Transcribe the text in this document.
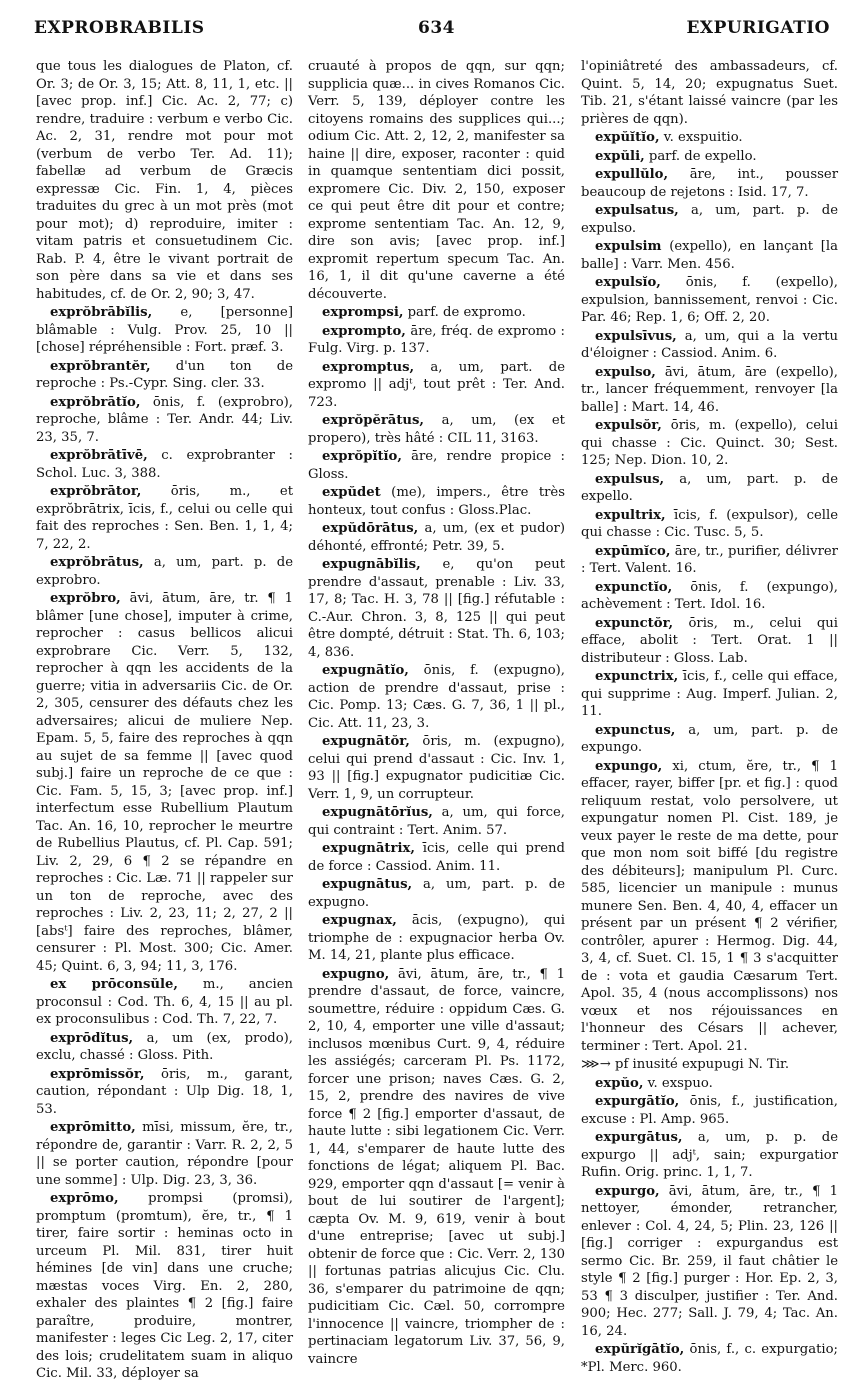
EXPROBRABILIS	634	EXPURIGATIO
que tous les dialogues de Platon, cf. Or. 3; de Or. 3, 15; Att. 8, 11, 1, etc. || [avec prop. inf.] Cic. Ac. 2, 77; c) rendre, traduire : verbum e verbo Cic. Ac. 2, 31, rendre mot pour mot (verbum de verbo Ter. Ad. 11); fabellæ ad verbum de Græcis expressæ Cic. Fin. 1, 4, pièces traduites du grec à un mot près (mot pour mot); d) reproduire, imiter : vitam patris et consuetudinem Cic. Rab. P. 4, être le vivant portrait de son père dans sa vie et dans ses habitudes, cf. de Or. 2, 90; 3, 47.
exprŏbrābĭlis, e, [personne] blâmable : Vulg. Prov. 25, 10 || [chose] répréhensible : Fort. præf. 3.
exprŏbrantĕr, d'un ton de reproche : Ps.-Cypr. Sing. cler. 33.
exprŏbrātĭo, ōnis, f. (exprobro), reproche, blâme : Ter. Andr. 44; Liv. 23, 35, 7.
exprŏbrātīvē, c. exprobranter : Schol. Luc. 3, 388.
exprŏbrātor, ōris, m., et exprŏbrātrix, īcis, f., celui ou celle qui fait des reproches : Sen. Ben. 1, 1, 4; 7, 22, 2.
exprŏbrātus, a, um, part. p. de exprobro.
exprŏbro, āvi, ātum, āre, tr. ¶ 1 blâmer [une chose], imputer à crime, reprocher : casus bellicos alicui exprobrare Cic. Verr. 5, 132, reprocher à qqn les accidents de la guerre; vitia in adversariis Cic. de Or. 2, 305, censurer des défauts chez les adversaires; alicui de muliere Nep. Epam. 5, 5, faire des reproches à qqn au sujet de sa femme || [avec quod subj.] faire un reproche de ce que : Cic. Fam. 5, 15, 3; [avec prop. inf.] interfectum esse Rubellium Plautum Tac. An. 16, 10, reprocher le meurtre de Rubellius Plautus, cf. Pl. Cap. 591; Liv. 2, 29, 6 ¶ 2 se répandre en reproches : Cic. Læ. 71 || rappeler sur un ton de reproche, avec des reproches : Liv. 2, 23, 11; 2, 27, 2 || [absᵗ] faire des reproches, blâmer, censurer : Pl. Most. 300; Cic. Amer. 45; Quint. 6, 3, 94; 11, 3, 176.
ex prōconsŭle, m., ancien proconsul : Cod. Th. 6, 4, 15 || au pl. ex proconsulibus : Cod. Th. 7, 22, 7.
exprōdĭtus, a, um (ex, prodo), exclu, chassé : Gloss. Pith.
exprōmissŏr, ōris, m., garant, caution, répondant : Ulp Dig. 18, 1, 53.
exprōmitto, mīsi, missum, ĕre, tr., répondre de, garantir : Varr. R. 2, 2, 5 || se porter caution, répondre [pour une somme] : Ulp. Dig. 23, 3, 36.
exprōmo, prompsi (promsi), promptum (promtum), ĕre, tr., ¶ 1 tirer, faire sortir : heminas octo in urceum Pl. Mil. 831, tirer huit hémines [de vin] dans une cruche; mæstas voces Virg. En. 2, 280, exhaler des plaintes ¶ 2 [fig.] faire paraître, produire, montrer, manifester : leges Cic Leg. 2, 17, citer des lois; crudelitatem suam in aliquo Cic. Mil. 33, déployer sa
cruauté à propos de qqn, sur qqn; supplicia quæ... in cives Romanos Cic. Verr. 5, 139, déployer contre les citoyens romains des supplices qui...; odium Cic. Att. 2, 12, 2, manifester sa haine || dire, exposer, raconter : quid in quamque sententiam dici possit, expromere Cic. Div. 2, 150, exposer ce qui peut être dit pour et contre; exprome sententiam Tac. An. 12, 9, dire son avis; [avec prop. inf.] expromit repertum specum Tac. An. 16, 1, il dit qu'une caverne a été découverte.
exprompsi, parf. de expromo.
exprompto, āre, fréq. de expromo : Fulg. Virg. p. 137.
expromptus, a, um, part. de expromo || adjᵗ, tout prêt : Ter. And. 723.
exprŏpĕrātus, a, um, (ex et propero), très hâté : CIL 11, 3163.
exprŏpĭtĭo, āre, rendre propice : Gloss.
expŭdet (me), impers., être très honteux, tout confus : Gloss.Plac.
expŭdōrātus, a, um, (ex et pudor) déhonté, effronté; Petr. 39, 5.
expugnābĭlis, e, qu'on peut prendre d'assaut, prenable : Liv. 33, 17, 8; Tac. H. 3, 78 || [fig.] réfutable : C.-Aur. Chron. 3, 8, 125 || qui peut être dompté, détruit : Stat. Th. 6, 103; 4, 836.
expugnātĭo, ōnis, f. (expugno), action de prendre d'assaut, prise : Cic. Pomp. 13; Cæs. G. 7, 36, 1 || pl., Cic. Att. 11, 23, 3.
expugnātŏr, ōris, m. (expugno), celui qui prend d'assaut : Cic. Inv. 1, 93 || [fig.] expugnator pudicitiæ Cic. Verr. 1, 9, un corrupteur.
expugnātōrĭus, a, um, qui force, qui contraint : Tert. Anim. 57.
expugnātrix, īcis, celle qui prend de force : Cassiod. Anim. 11.
expugnātus, a, um, part. p. de expugno.
expugnax, ācis, (expugno), qui triomphe de : expugnacior herba Ov. M. 14, 21, plante plus efficace.
expugno, āvi, ātum, āre, tr., ¶ 1 prendre d'assaut, de force, vaincre, soumettre, réduire : oppidum Cæs. G. 2, 10, 4, emporter une ville d'assaut; inclusos mœnibus Curt. 9, 4, réduire les assiégés; carceram Pl. Ps. 1172, forcer une prison; naves Cæs. G. 2, 15, 2, prendre des navires de vive force ¶ 2 [fig.] emporter d'assaut, de haute lutte : sibi legationem Cic. Verr. 1, 44, s'emparer de haute lutte des fonctions de légat; aliquem Pl. Bac. 929, emporter qqn d'assaut [= venir à bout de lui soutirer de l'argent]; cæpta Ov. M. 9, 619, venir à bout d'une entreprise; [avec ut subj.] obtenir de force que : Cic. Verr. 2, 130 || fortunas patrias alicujus Cic. Clu. 36, s'emparer du patrimoine de qqn; pudicitiam Cic. Cæl. 50, corrompre l'innocence || vaincre, triompher de : pertinaciam legatorum Liv. 37, 56, 9, vaincre
l'opiniâtreté des ambassadeurs, cf. Quint. 5, 14, 20; expugnatus Suet. Tib. 21, s'étant laissé vaincre (par les prières de qqn).
expŭĭtĭo, v. exspuitio.
expŭli, parf. de expello.
expullŭlo, āre, int., pousser beaucoup de rejetons : Isid. 17, 7.
expulsatus, a, um, part. p. de expulso.
expulsim (expello), en lançant [la balle] : Varr. Men. 456.
expulsĭo, ōnis, f. (expello), expulsion, bannissement, renvoi : Cic. Par. 46; Rep. 1, 6; Off. 2, 20.
expulsīvus, a, um, qui a la vertu d'éloigner : Cassiod. Anim. 6.
expulso, āvi, ātum, āre (expello), tr., lancer fréquemment, renvoyer [la balle] : Mart. 14, 46.
expulsŏr, ōris, m. (expello), celui qui chasse : Cic. Quinct. 30; Sest. 125; Nep. Dion. 10, 2.
expulsus, a, um, part. p. de expello.
expultrix, īcis, f. (expulsor), celle qui chasse : Cic. Tusc. 5, 5.
expūmĭco, āre, tr., purifier, délivrer : Tert. Valent. 16.
expunctĭo, ōnis, f. (expungo), achèvement : Tert. Idol. 16.
expunctŏr, ōris, m., celui qui efface, abolit : Tert. Orat. 1 || distributeur : Gloss. Lab.
expunctrix, īcis, f., celle qui efface, qui supprime : Aug. Imperf. Julian. 2, 11.
expunctus, a, um, part. p. de expungo.
expungo, xi, ctum, ĕre, tr., ¶ 1 effacer, rayer, biffer [pr. et fig.] : quod reliquum restat, volo persolvere, ut expungatur nomen Pl. Cist. 189, je veux payer le reste de ma dette, pour que mon nom soit biffé [du registre des débiteurs]; manipulum Pl. Curc. 585, licencier un manipule : munus munere Sen. Ben. 4, 40, 4, effacer un présent par un présent ¶ 2 vérifier, contrôler, apurer : Hermog. Dig. 44, 3, 4, cf. Suet. Cl. 15, 1 ¶ 3 s'acquitter de : vota et gaudia Cæsarum Tert. Apol. 35, 4 (nous accomplissons) nos vœux et nos réjouissances en l'honneur des Césars || achever, terminer : Tert. Apol. 21.
⋙→ pf inusité expupugi N. Tir.
expŭo, v. exspuo.
expurgātĭo, ōnis, f., justification, excuse : Pl. Amp. 965.
expurgātus, a, um, p. p. de expurgo || adjᵗ, sain; expurgatior Rufin. Orig. princ. 1, 1, 7.
expurgo, āvi, ātum, āre, tr., ¶ 1 nettoyer, émonder, retrancher, enlever : Col. 4, 24, 5; Plin. 23, 126 || [fig.] corriger : expurgandus est sermo Cic. Br. 259, il faut châtier le style ¶ 2 [fig.] purger : Hor. Ep. 2, 3, 53 ¶ 3 disculper, justifier : Ter. And. 900; Hec. 277; Sall. J. 79, 4; Tac. An. 16, 24.
expŭrĭgātĭo, ōnis, f., c. expurgatio; *Pl. Merc. 960.
